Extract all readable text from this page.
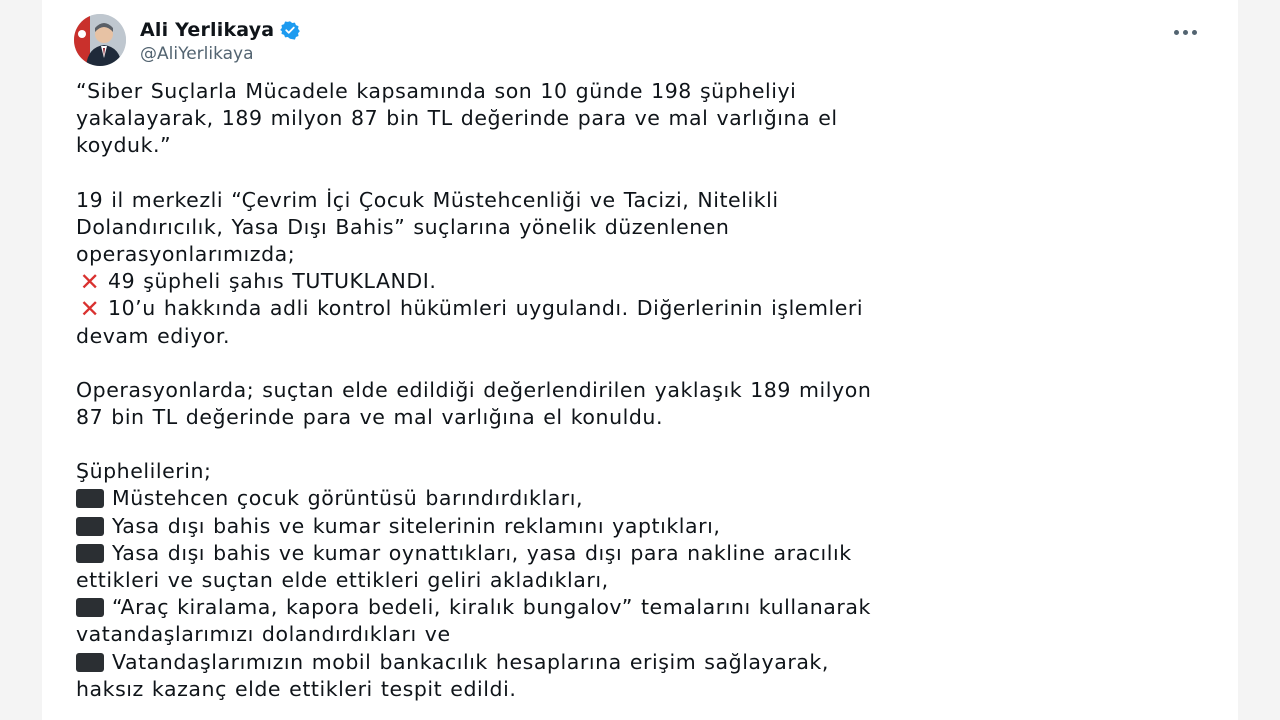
Ali Yerlikaya
@AliYerlikaya

“Siber Suçlarla Mücadele kapsamında son 10 günde 198 şüpheliyi
yakalayarak, 189 milyon 87 bin TL değerinde para ve mal varlığına el
koyduk.”

19 il merkezli “Çevrim İçi Çocuk Müstehcenliği ve Tacizi, Nitelikli
Dolandırıcılık, Yasa Dışı Bahis” suçlarına yönelik düzenlenen
operasyonlarımızda;
✕ 49 şüpheli şahıs TUTUKLANDI.
✕ 10’u hakkında adli kontrol hükümleri uygulandı. Diğerlerinin işlemleri
devam ediyor.

Operasyonlarda; suçtan elde edildiği değerlendirilen yaklaşık 189 milyon
87 bin TL değerinde para ve mal varlığına el konuldu.

Şüphelilerin;
Müstehcen çocuk görüntüsü barındırdıkları,
Yasa dışı bahis ve kumar sitelerinin reklamını yaptıkları,
Yasa dışı bahis ve kumar oynattıkları, yasa dışı para nakline aracılık
ettikleri ve suçtan elde ettikleri geliri akladıkları,
“Araç kiralama, kapora bedeli, kiralık bungalov” temalarını kullanarak
vatandaşlarımızı dolandırdıkları ve
Vatandaşlarımızın mobil bankacılık hesaplarına erişim sağlayarak,
haksız kazanç elde ettikleri tespit edildi.
